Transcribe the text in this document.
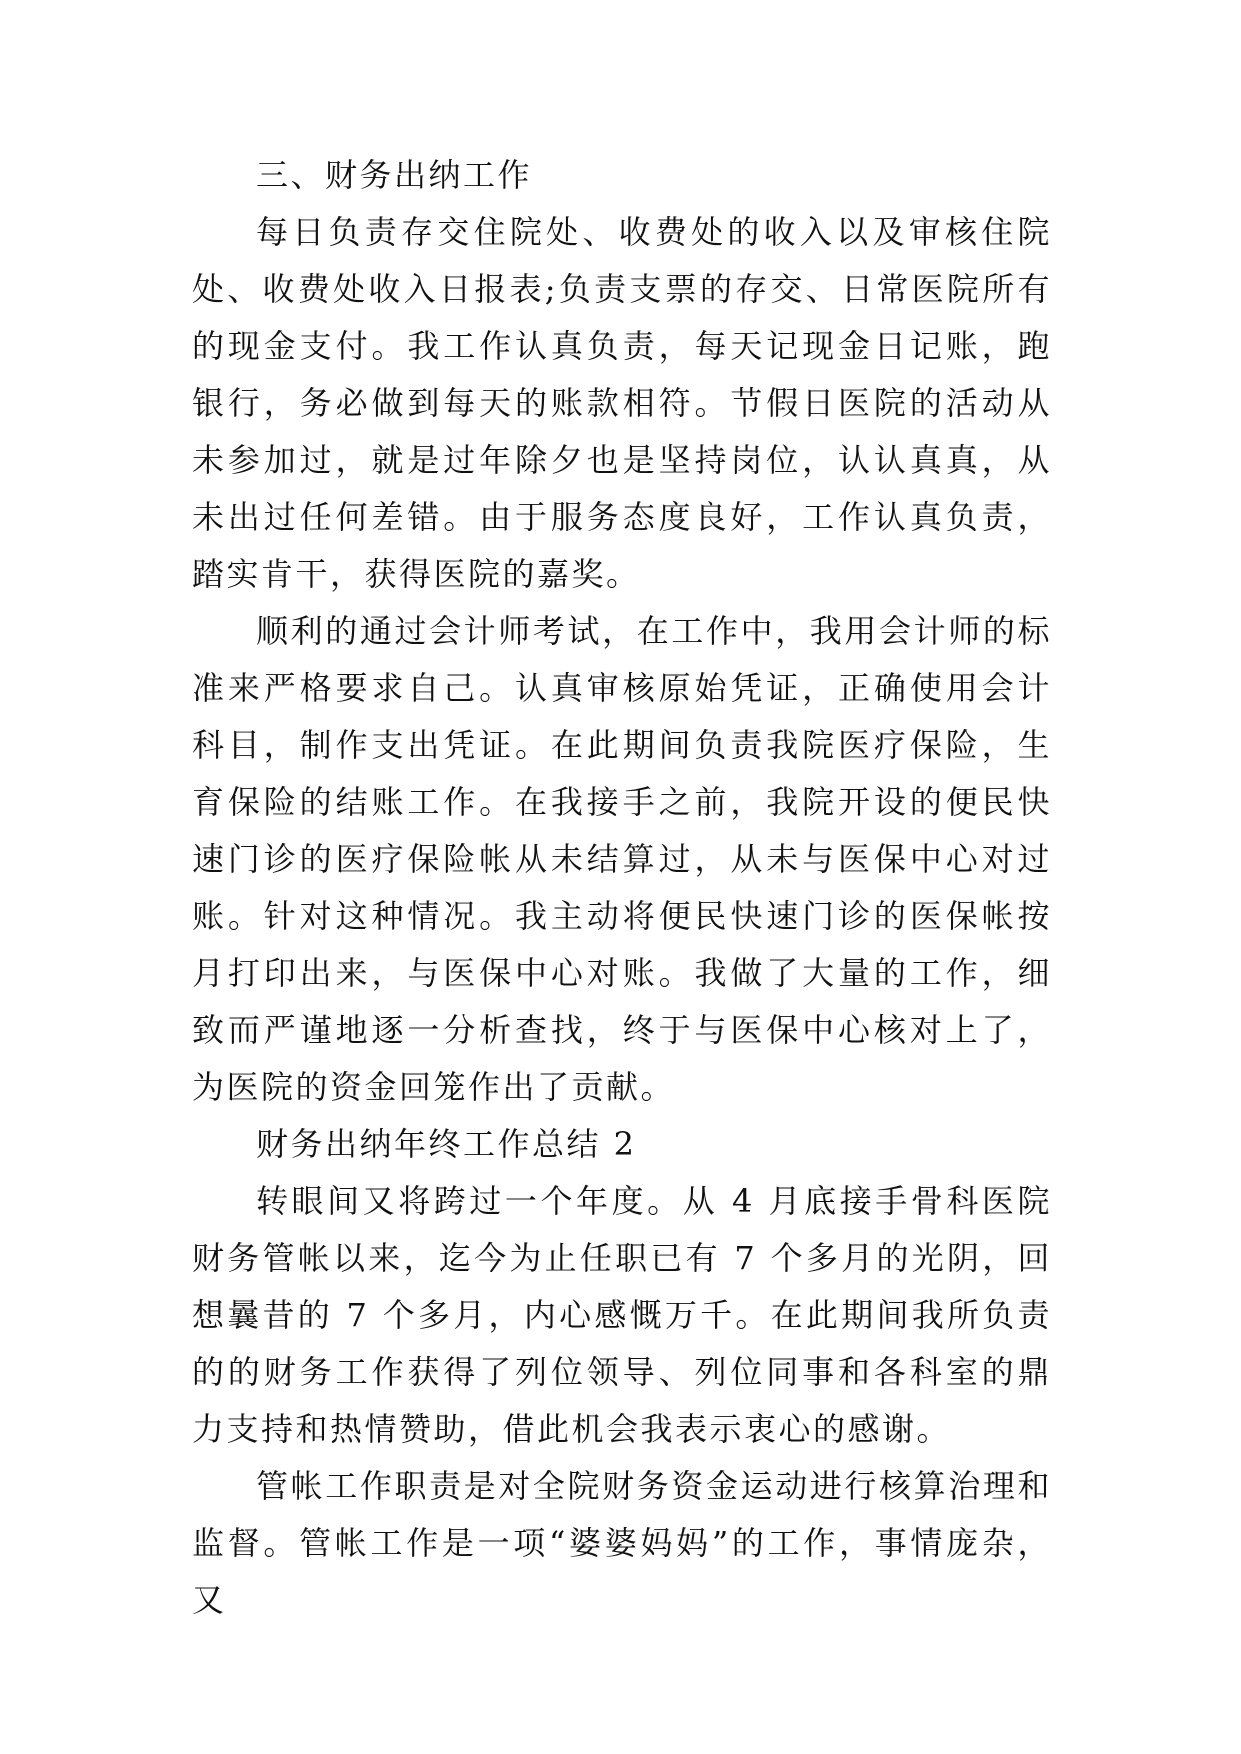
三、财务出纳工作

每日负责存交住院处、收费处的收入以及审核住院处、收费处收入日报表;负责支票的存交、日常医院所有的现金支付。我工作认真负责，每天记现金日记账，跑银行，务必做到每天的账款相符。节假日医院的活动从未参加过，就是过年除夕也是坚持岗位，认认真真，从未出过任何差错。由于服务态度良好，工作认真负责，踏实肯干，获得医院的嘉奖。

顺利的通过会计师考试，在工作中，我用会计师的标准来严格要求自己。认真审核原始凭证，正确使用会计科目，制作支出凭证。在此期间负责我院医疗保险，生育保险的结账工作。在我接手之前，我院开设的便民快速门诊的医疗保险帐从未结算过，从未与医保中心对过账。针对这种情况。我主动将便民快速门诊的医保帐按月打印出来，与医保中心对账。我做了大量的工作，细致而严谨地逐一分析查找，终于与医保中心核对上了，为医院的资金回笼作出了贡献。

财务出纳年终工作总结 2

转眼间又将跨过一个年度。从 4 月底接手骨科医院财务管帐以来，迄今为止任职已有 7 个多月的光阴，回想曩昔的 7 个多月，内心感慨万千。在此期间我所负责的的财务工作获得了列位领导、列位同事和各科室的鼎力支持和热情赞助，借此机会我表示衷心的感谢。

管帐工作职责是对全院财务资金运动进行核算治理和监督。管帐工作是一项“婆婆妈妈”的工作，事情庞杂，又
